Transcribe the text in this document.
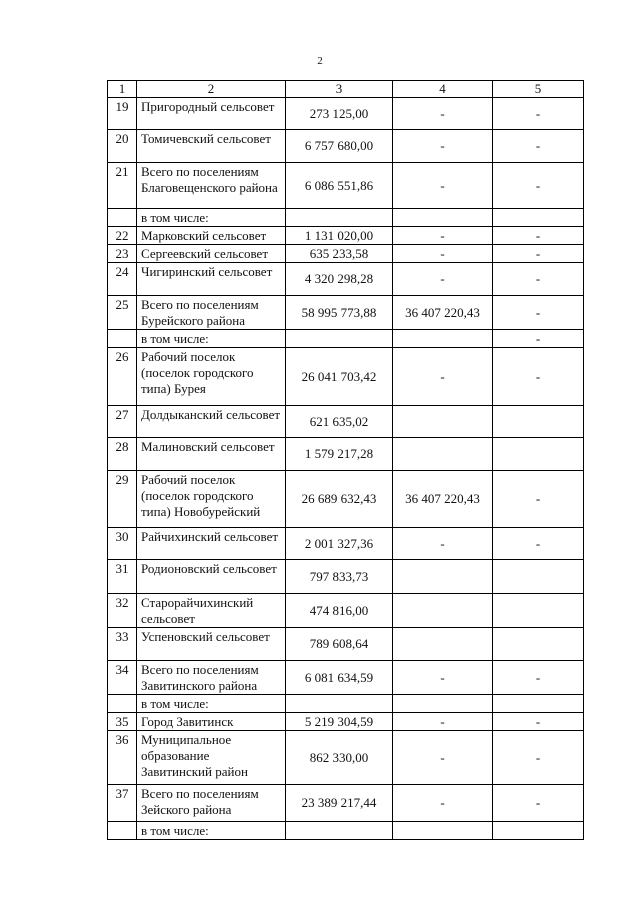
2
1	2	3	4	5
19	Пригородный сельсовет	273 125,00	-	-
20	Томичевский сельсовет	6 757 680,00	-	-
21	Всего по поселениям Благовещенского района	6 086 551,86	-	-
	в том числе:			
22	Марковский сельсовет	1 131 020,00	-	-
23	Сергеевский сельсовет	635 233,58	-	-
24	Чигиринский сельсовет	4 320 298,28	-	-
25	Всего по поселениям Бурейского района	58 995 773,88	36 407 220,43	-
	в том числе:			-
26	Рабочий поселок (поселок городского типа) Бурея	26 041 703,42	-	-
27	Долдыканский сельсовет	621 635,02		
28	Малиновский сельсовет	1 579 217,28		
29	Рабочий поселок (поселок городского типа) Новобурейский	26 689 632,43	36 407 220,43	-
30	Райчихинский сельсовет	2 001 327,36	-	-
31	Родионовский сельсовет	797 833,73		
32	Старорайчихинский сельсовет	474 816,00		
33	Успеновский сельсовет	789 608,64		
34	Всего по поселениям Завитинского района	6 081 634,59	-	-
	в том числе:			
35	Город Завитинск	5 219 304,59	-	-
36	Муниципальное образование Завитинский район	862 330,00	-	-
37	Всего по поселениям Зейского района	23 389 217,44	-	-
	в том числе:			
